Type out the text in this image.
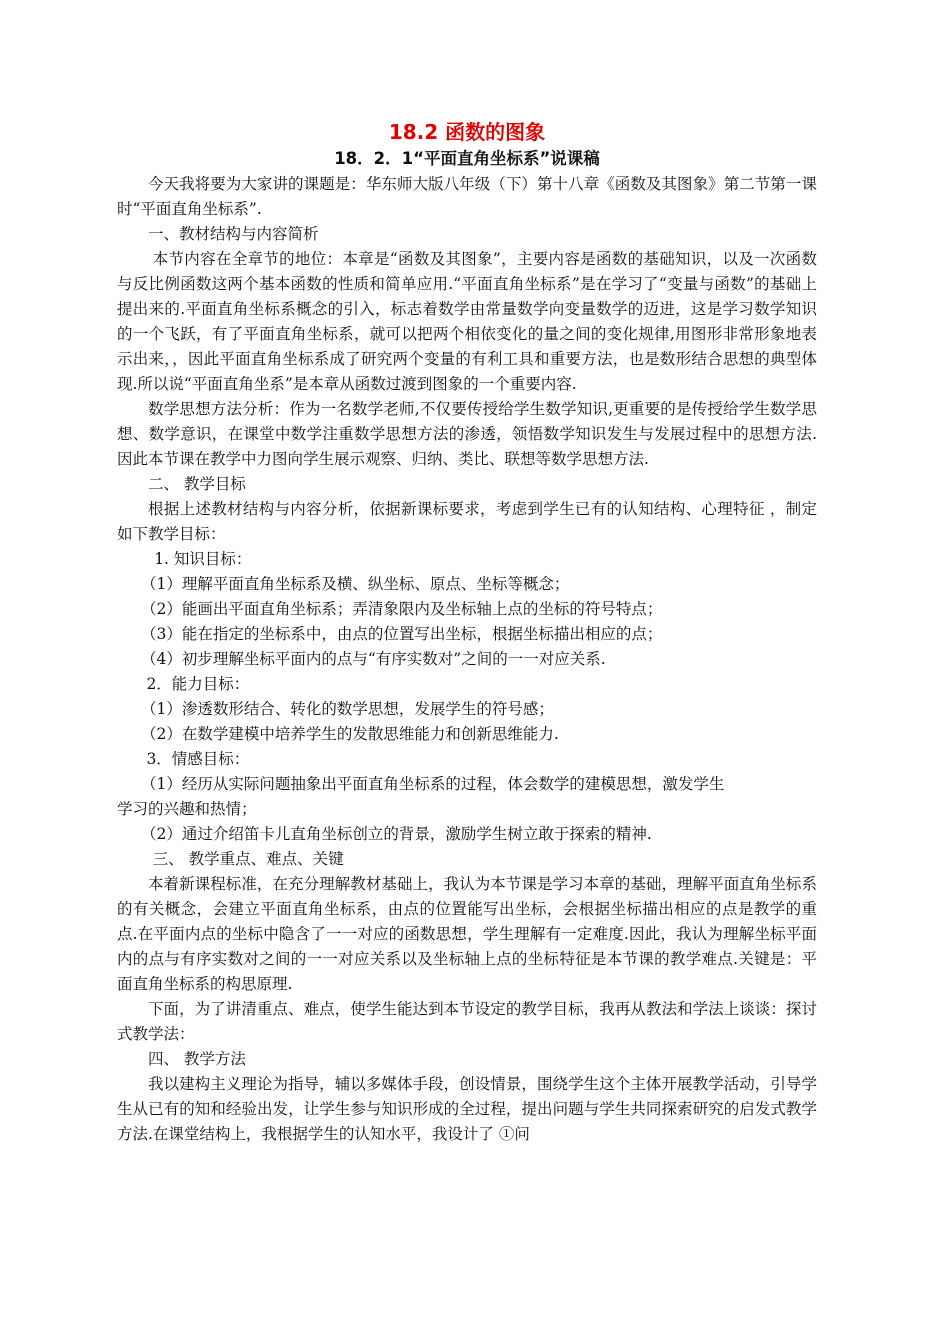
18.2 函数的图象

18．2．1“平面直角坐标系”说课稿

今天我将要为大家讲的课题是：华东师大版八年级（下）第十八章《函数及其图象》第二节第一课时“平面直角坐标系”.

一、教材结构与内容简析

本节内容在全章节的地位：本章是“函数及其图象”，主要内容是函数的基础知识，以及一次函数与反比例函数这两个基本函数的性质和简单应用.“平面直角坐标系”是在学习了“变量与函数”的基础上提出来的.平面直角坐标系概念的引入，标志着数学由常量数学向变量数学的迈进，这是学习数学知识的一个飞跃，有了平面直角坐标系，就可以把两个相依变化的量之间的变化规律,用图形非常形象地表示出来，，因此平面直角坐标系成了研究两个变量的有利工具和重要方法，也是数形结合思想的典型体现.所以说“平面直角坐系”是本章从函数过渡到图象的一个重要内容.

数学思想方法分析：作为一名数学老师,不仅要传授给学生数学知识,更重要的是传授给学生数学思想、数学意识，在课堂中数学注重数学思想方法的渗透，领悟数学知识发生与发展过程中的思想方法.因此本节课在教学中力图向学生展示观察、归纳、类比、联想等数学思想方法.

二、 教学目标

根据上述教材结构与内容分析，依据新课标要求，考虑到学生已有的认知结构、心理特征 ，制定如下教学目标：

1. 知识目标：

（1）理解平面直角坐标系及横、纵坐标、原点、坐标等概念；

（2）能画出平面直角坐标系；弄清象限内及坐标轴上点的坐标的符号特点；

（3）能在指定的坐标系中，由点的位置写出坐标，根据坐标描出相应的点；

（4）初步理解坐标平面内的点与“有序实数对”之间的一一对应关系.

2．能力目标：

（1）渗透数形结合、转化的数学思想，发展学生的符号感；

（2）在数学建模中培养学生的发散思维能力和创新思维能力.

3．情感目标：

（1）经历从实际问题抽象出平面直角坐标系的过程，体会数学的建模思想，激发学生

学习的兴趣和热情；

（2）通过介绍笛卡儿直角坐标创立的背景，激励学生树立敢于探索的精神.

三、 教学重点、难点、关键

本着新课程标准，在充分理解教材基础上，我认为本节课是学习本章的基础，理解平面直角坐标系的有关概念，会建立平面直角坐标系，由点的位置能写出坐标，会根据坐标描出相应的点是教学的重点.在平面内点的坐标中隐含了一一对应的函数思想，学生理解有一定难度.因此，我认为理解坐标平面内的点与有序实数对之间的一一对应关系以及坐标轴上点的坐标特征是本节课的教学难点.关键是：平面直角坐标系的构思原理.

下面，为了讲清重点、难点，使学生能达到本节设定的教学目标，我再从教法和学法上谈谈：探讨式教学法：

四、 教学方法

我以建构主义理论为指导，辅以多媒体手段，创设情景，围绕学生这个主体开展教学活动，引导学生从已有的知和经验出发，让学生参与知识形成的全过程，提出问题与学生共同探索研究的启发式教学方法.在课堂结构上，我根据学生的认知水平，我设计了 ①问
